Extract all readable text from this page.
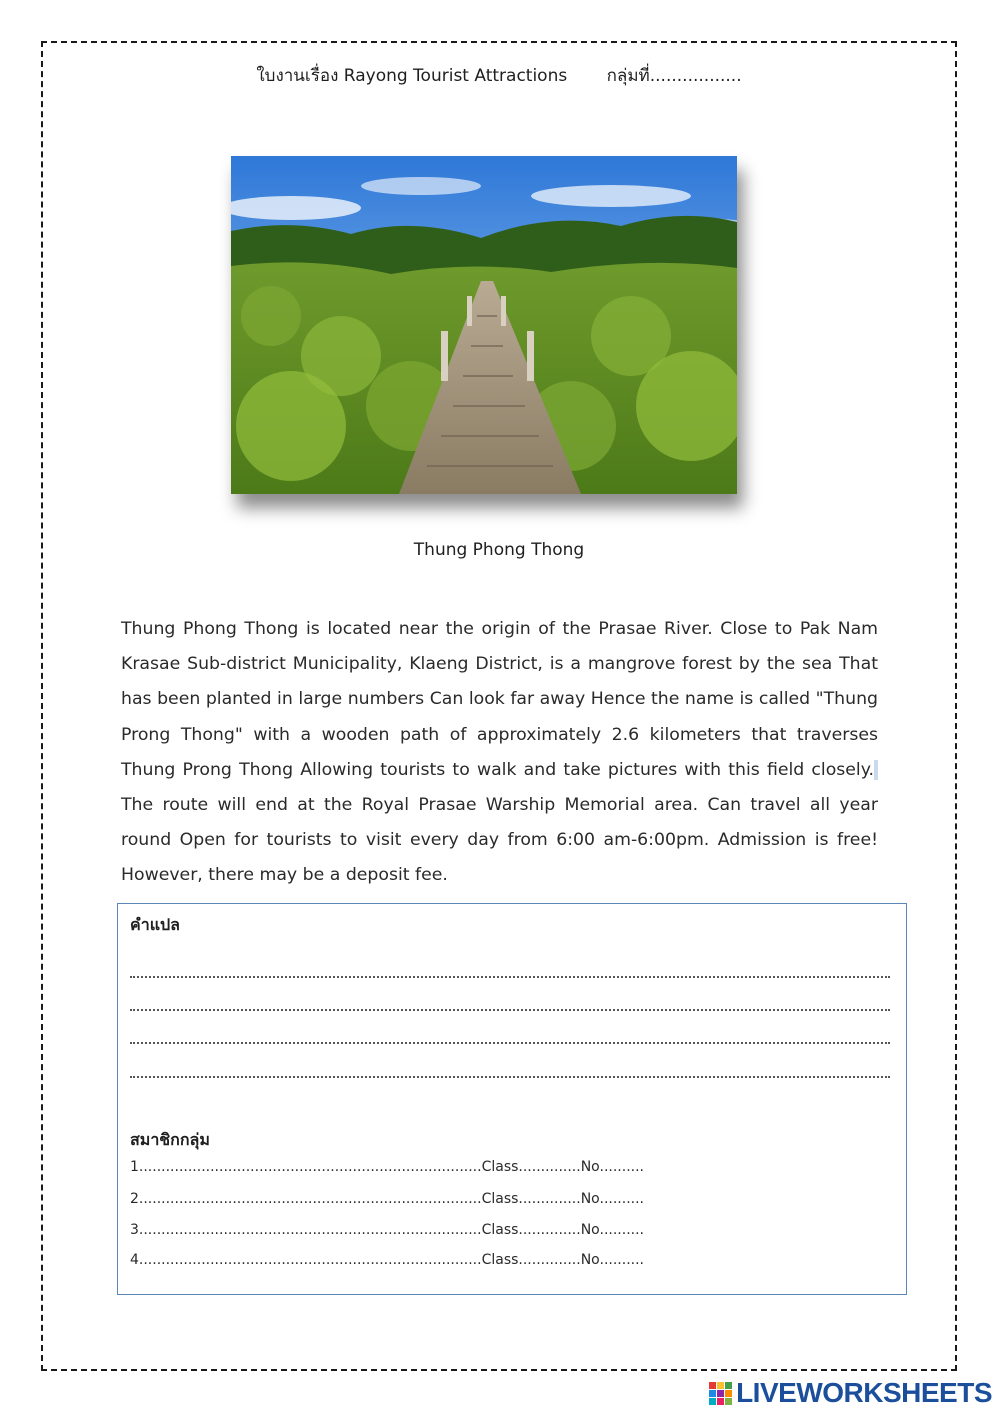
ใบงานเรื่อง Rayong Tourist Attractions กลุ่มที่.................
Thung Phong Thong
Thung Phong Thong is located near the origin of the Prasae River. Close to Pak Nam Krasae Sub-district Municipality, Klaeng District, is a mangrove forest by the sea That has been planted in large numbers Can look far away Hence the name is called "Thung Prong Thong" with a wooden path of approximately 2.6 kilometers that traverses Thung Prong Thong Allowing tourists to walk and take pictures with this field closely. The route will end at the Royal Prasae Warship Memorial area. Can travel all year round Open for tourists to visit every day from 6:00 am-6:00pm. Admission is free! However, there may be a deposit fee.
คำแปล
สมาชิกกลุ่ม
1.............................................................................Class..............No..........
2.............................................................................Class..............No..........
3.............................................................................Class..............No..........
4.............................................................................Class..............No..........
LIVEWORKSHEETS
